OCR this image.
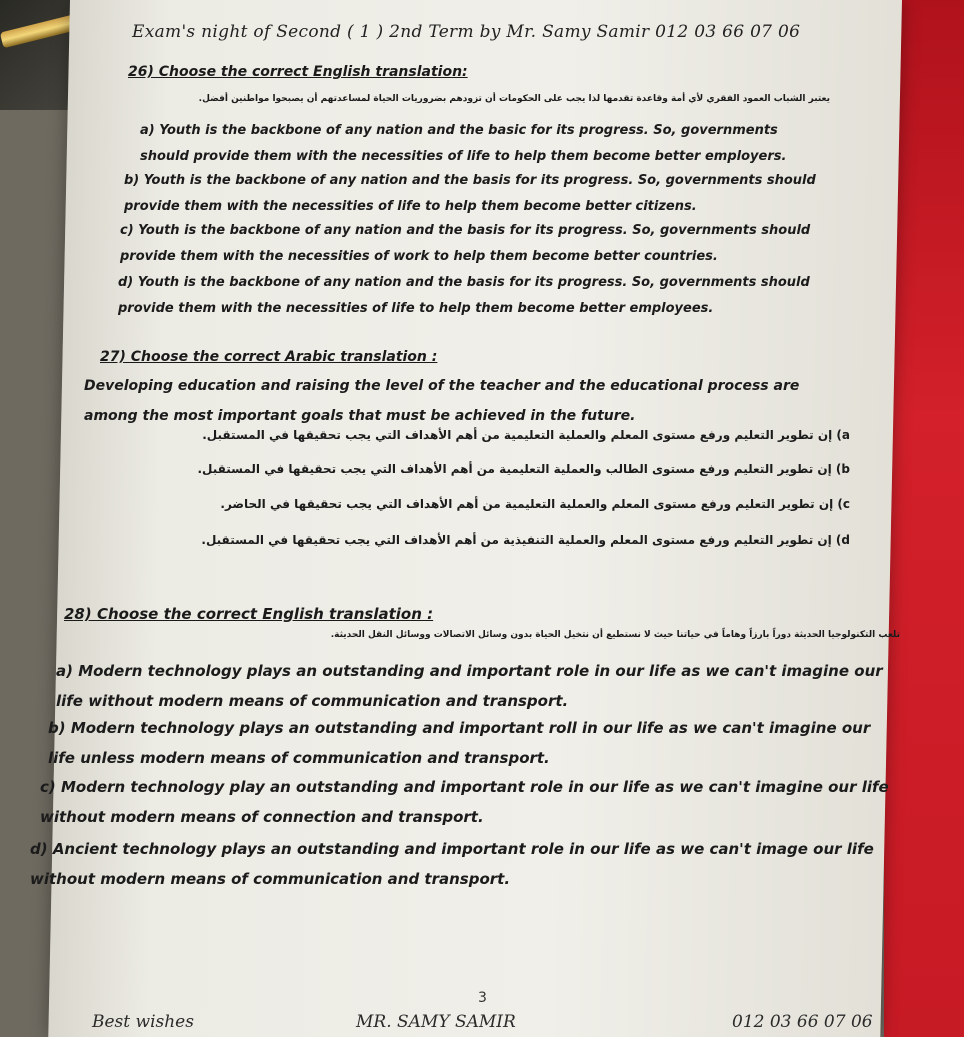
Exam's night of Second ( 1 ) 2nd Term by Mr. Samy Samir 012 03 66 07 06
26) Choose the correct English translation:
يعتبر الشباب العمود الفقري لأي أمة وقاعدة تقدمها لذا يجب على الحكومات أن تزودهم بضروريات الحياة لمساعدتهم أن يصبحوا مواطنين أفضل.
a) Youth is the backbone of any nation and the basic for its progress. So, governments should provide them with the necessities of life to help them become better employers.
b) Youth is the backbone of any nation and the basis for its progress. So, governments should provide them with the necessities of life to help them become better citizens.
c) Youth is the backbone of any nation and the basis for its progress. So, governments should provide them with the necessities of work to help them become better countries.
d) Youth is the backbone of any nation and the basis for its progress. So, governments should provide them with the necessities of life to help them become better employees.
27) Choose the correct Arabic translation :
Developing education and raising the level of the teacher and the educational process are among the most important goals that must be achieved in the future.
a) إن تطوير التعليم ورفع مستوى المعلم والعملية التعليمية من أهم الأهداف التي يجب تحقيقها في المستقبل.
b) إن تطوير التعليم ورفع مستوى الطالب والعملية التعليمية من أهم الأهداف التي يجب تحقيقها في المستقبل.
c) إن تطوير التعليم ورفع مستوى المعلم والعملية التعليمية من أهم الأهداف التي يجب تحقيقها في الحاضر.
d) إن تطوير التعليم ورفع مستوى المعلم والعملية التنفيذية من أهم الأهداف التي يجب تحقيقها في المستقبل.
28) Choose the correct English translation :
تلعب التكنولوجيا الحديثة دوراً بارزاً وهاماً في حياتنا حيث لا نستطيع أن نتخيل الحياة بدون وسائل الاتصالات ووسائل النقل الحديثة.
a) Modern technology plays an outstanding and important role in our life as we can't imagine our life without modern means of communication and transport.
b) Modern technology plays an outstanding and important roll in our life as we can't imagine our life unless modern means of communication and transport.
c) Modern technology play an outstanding and important role in our life as we can't imagine our life without modern means of connection and transport.
d) Ancient technology plays an outstanding and important role in our life as we can't image our life without modern means of communication and transport.
3
Best wishes	MR. SAMY SAMIR	012 03 66 07 06
